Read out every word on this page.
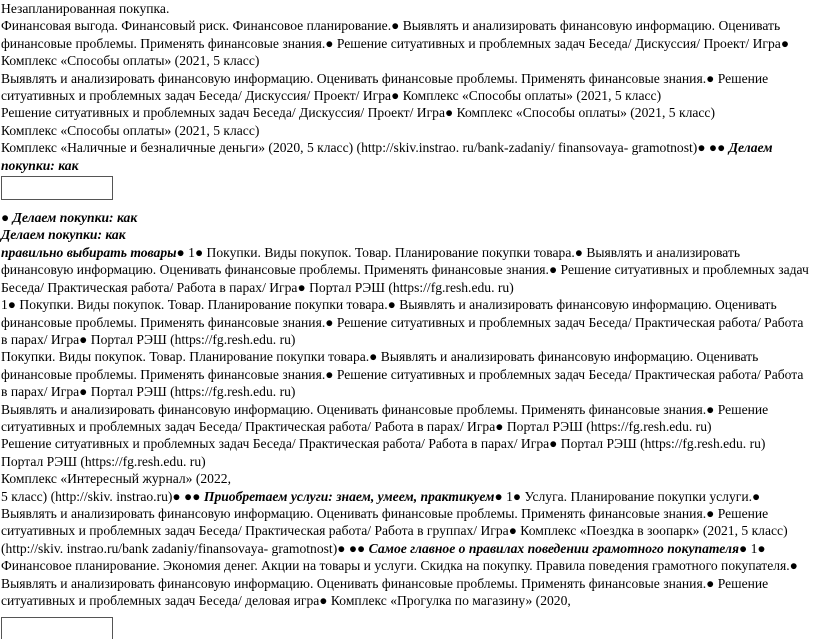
Незапланированная покупка.

Финансовая выгода. Финансовый риск. Финансовое планирование.● Выявлять и анализировать финансовую информацию. Оценивать финансовые проблемы. Применять финансовые знания.● Решение ситуативных и проблемных задач Беседа/ Дискуссия/ Проект/ Игра● Комплекс «Способы оплаты» (2021, 5 класс)

Выявлять и анализировать финансовую информацию. Оценивать финансовые проблемы. Применять финансовые знания.● Решение ситуативных и проблемных задач Беседа/ Дискуссия/ Проект/ Игра● Комплекс «Способы оплаты» (2021, 5 класс)

Решение ситуативных и проблемных задач Беседа/ Дискуссия/ Проект/ Игра● Комплекс «Способы оплаты» (2021, 5 класс)

Комплекс «Способы оплаты» (2021, 5 класс)

Комплекс «Наличные и безналичные деньги» (2020, 5 класс) (http://skiv.instrao. ru/bank-zadaniy/ finansovaya- gramotnost)● ●● Делаем покупки: как

● Делаем покупки: как

Делаем покупки: как

правильно выбирать товары● 1● Покупки. Виды покупок. Товар. Планирование покупки товара.● Выявлять и анализировать финансовую информацию. Оценивать финансовые проблемы. Применять финансовые знания.● Решение ситуативных и проблемных задач Беседа/ Практическая работа/ Работа в парах/ Игра● Портал РЭШ (https://fg.resh.edu. ru)

1● Покупки. Виды покупок. Товар. Планирование покупки товара.● Выявлять и анализировать финансовую информацию. Оценивать финансовые проблемы. Применять финансовые знания.● Решение ситуативных и проблемных задач Беседа/ Практическая работа/ Работа в парах/ Игра● Портал РЭШ (https://fg.resh.edu. ru)

Покупки. Виды покупок. Товар. Планирование покупки товара.● Выявлять и анализировать финансовую информацию. Оценивать финансовые проблемы. Применять финансовые знания.● Решение ситуативных и проблемных задач Беседа/ Практическая работа/ Работа в парах/ Игра● Портал РЭШ (https://fg.resh.edu. ru)

Выявлять и анализировать финансовую информацию. Оценивать финансовые проблемы. Применять финансовые знания.● Решение ситуативных и проблемных задач Беседа/ Практическая работа/ Работа в парах/ Игра● Портал РЭШ (https://fg.resh.edu. ru)

Решение ситуативных и проблемных задач Беседа/ Практическая работа/ Работа в парах/ Игра● Портал РЭШ (https://fg.resh.edu. ru)

Портал РЭШ (https://fg.resh.edu. ru)

Комплекс «Интересный журнал» (2022,

5 класс) (http://skiv. instrao.ru)● ●● Приобретаем услуги: знаем, умеем, практикуем● 1● Услуга. Планирование покупки услуги.● Выявлять и анализировать финансовую информацию. Оценивать финансовые проблемы. Применять финансовые знания.● Решение ситуативных и проблемных задач Беседа/ Практическая работа/ Работа в группах/ Игра● Комплекс «Поездка в зоопарк» (2021, 5 класс) (http://skiv. instrao.ru/bank zadaniy/finansovaya- gramotnost)● ●● Самое главное о правилах поведении грамотного покупателя● 1● Финансовое планирование. Экономия денег. Акции на товары и услуги. Скидка на покупку. Правила поведения грамотного покупателя.● Выявлять и анализировать финансовую информацию. Оценивать финансовые проблемы. Применять финансовые знания.● Решение ситуативных и проблемных задач Беседа/ деловая игра● Комплекс «Прогулка по магазину» (2020,
